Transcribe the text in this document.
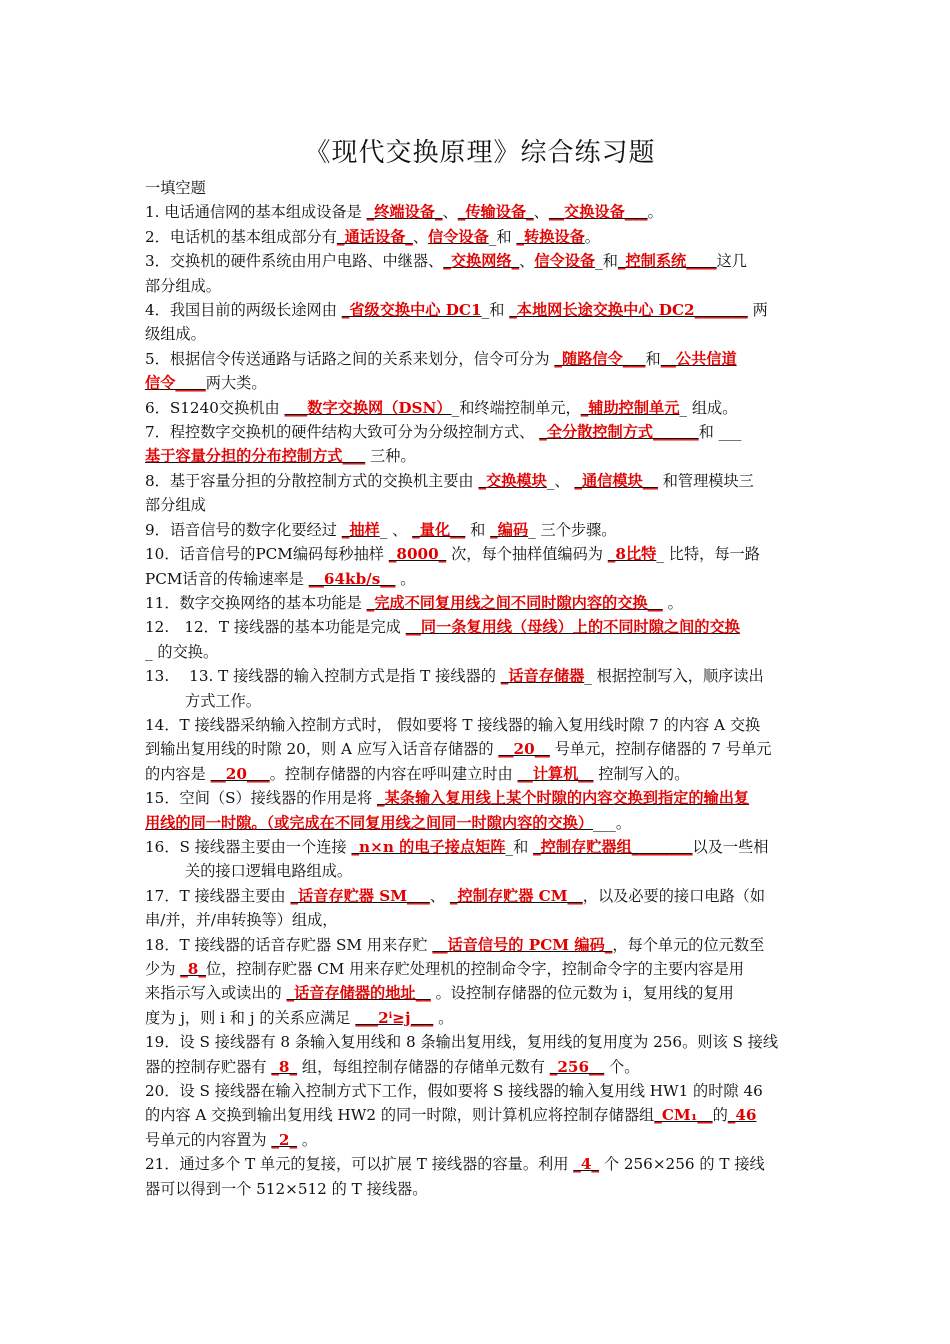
《现代交换原理》综合练习题
一填空题
1. 电话通信网的基本组成设备是 _终端设备_、_传输设备_、__交换设备___。
2．电话机的基本组成部分有_通话设备_、信令设备_和 _转换设备。
3．交换机的硬件系统由用户电路、中继器、_交换网络_、信令设备_和_控制系统____这几
部分组成。
4．我国目前的两级长途网由 _省级交换中心 DC1_和 _本地网长途交换中心 DC2_______ 两
级组成。
5．根据信令传送通路与话路之间的关系来划分，信令可分为 _随路信令___和__公共信道
信令____两大类。
6．S1240交换机由 ___数字交换网（DSN）_和终端控制单元，_辅助控制单元_ 组成。
7．程控数字交换机的硬件结构大致可分为分级控制方式、 _全分散控制方式______和 ___
基于容量分担的分布控制方式___ 三种。
8．基于容量分担的分散控制方式的交换机主要由 _交换模块_、 _通信模块__ 和管理模块三
部分组成
9．语音信号的数字化要经过 _抽样_ 、 _量化__ 和 _编码_ 三个步骤。
10．话音信号的PCM编码每秒抽样 _8000_ 次，每个抽样值编码为 _8比特_ 比特，每一路
PCM话音的传输速率是 __64kb/s__ 。
11．数字交换网络的基本功能是 _完成不同复用线之间不同时隙内容的交换__ 。
12.　12．T 接线器的基本功能是完成 __同一条复用线（母线）上的不同时隙之间的交换
_ 的交换。
13.　 13. T 接线器的输入控制方式是指 T 接线器的 _话音存储器_ 根据控制写入，顺序读出
方式工作。
14．T 接线器采纳输入控制方式时， 假如要将 T 接线器的输入复用线时隙 7 的内容 A 交换
到输出复用线的时隙 20，则 A 应写入话音存储器的 __20__ 号单元，控制存储器的 7 号单元
的内容是 __20___。控制存储器的内容在呼叫建立时由 __计算机__ 控制写入的。
15．空间（S）接线器的作用是将 _某条输入复用线上某个时隙的内容交换到指定的输出复
用线的同一时隙。（或完成在不同复用线之间同一时隙内容的交换）___。
16．S 接线器主要由一个连接 _n×n 的电子接点矩阵_和 _控制存贮器组________以及一些相
关的接口逻辑电路组成。
17．T 接线器主要由 _话音存贮器 SM___、 _控制存贮器 CM__，以及必要的接口电路（如
串/并，并/串转换等）组成，
18．T 接线器的话音存贮器 SM 用来存贮 __话音信号的 PCM 编码_，每个单元的位元数至
少为 _8_位，控制存贮器 CM 用来存贮处理机的控制命令字，控制命令字的主要内容是用
来指示写入或读出的 _话音存储器的地址__ 。设控制存储器的位元数为 i，复用线的复用
度为 j，则 i 和 j 的关系应满足 ___2ⁱ≥j___ 。
19．设 S 接线器有 8 条输入复用线和 8 条输出复用线，复用线的复用度为 256。则该 S 接线
器的控制存贮器有 _8_ 组，每组控制存储器的存储单元数有 _256__ 个。
20．设 S 接线器在输入控制方式下工作，假如要将 S 接线器的输入复用线 HW1 的时隙 46
的内容 A 交换到输出复用线 HW2 的同一时隙，则计算机应将控制存储器组_CM₁__的_46
号单元的内容置为 _2_ 。
21．通过多个 T 单元的复接，可以扩展 T 接线器的容量。利用 _4_ 个 256×256 的 T 接线
器可以得到一个 512×512 的 T 接线器。
